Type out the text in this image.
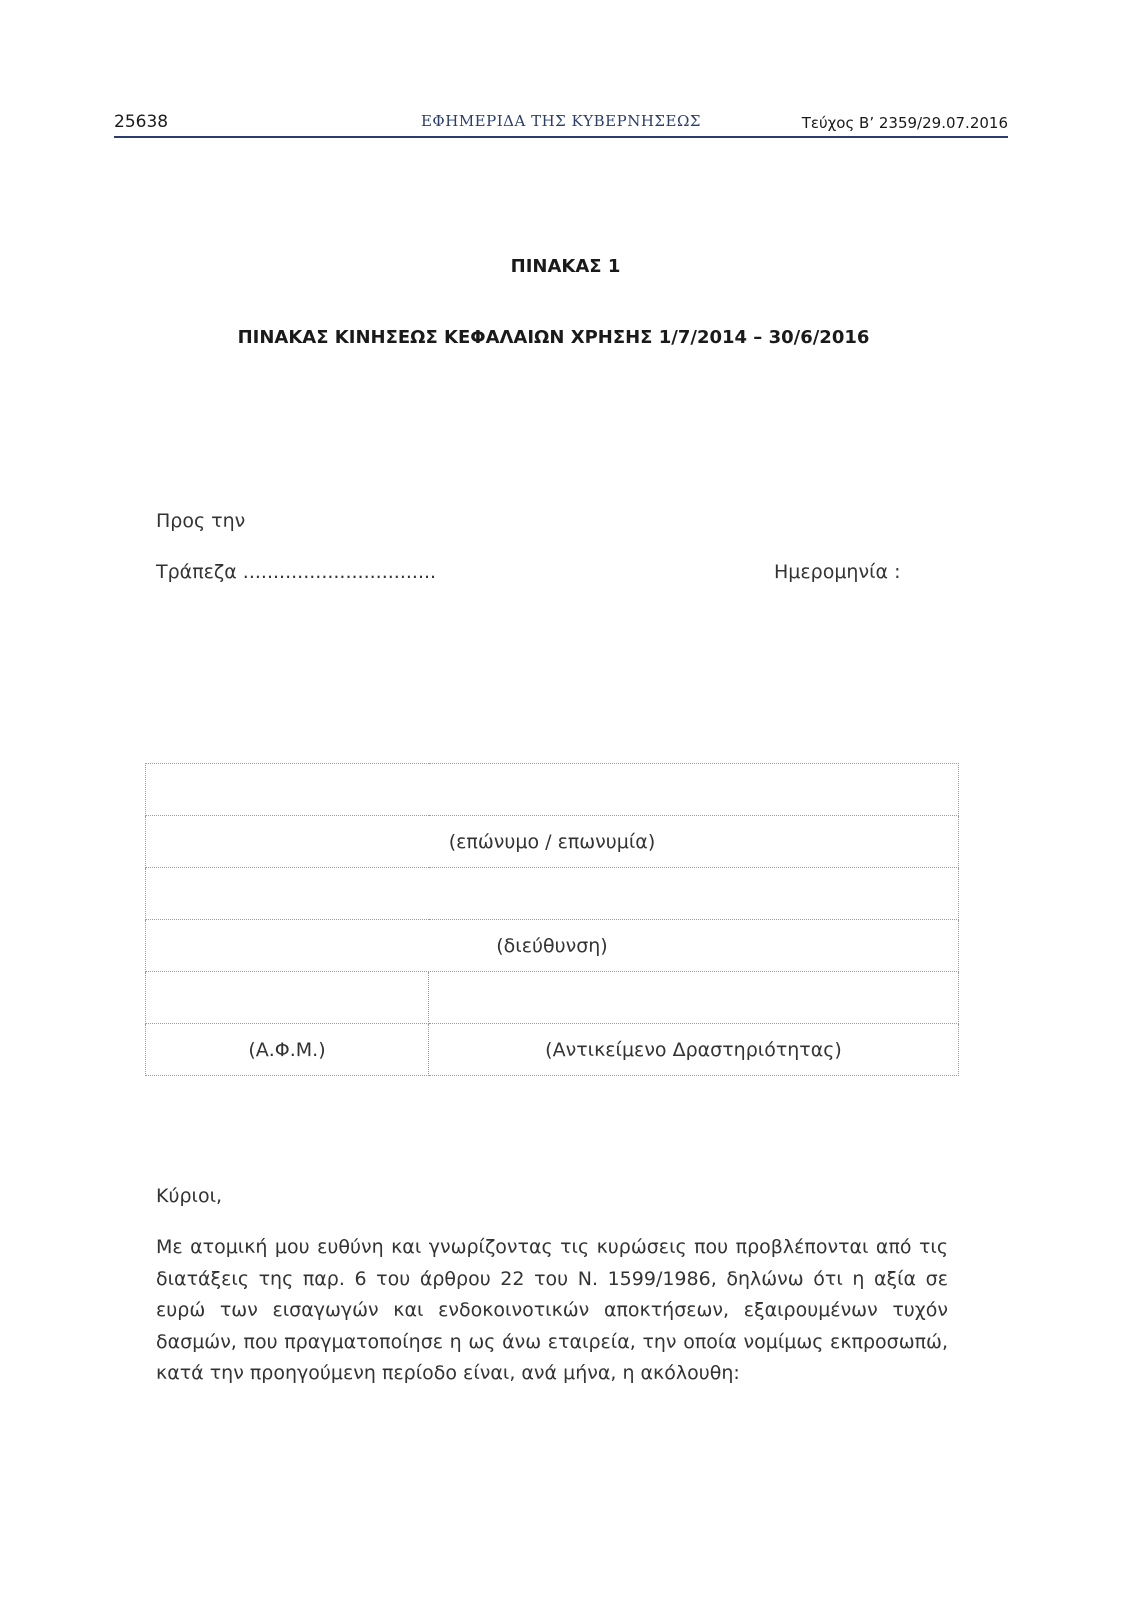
25638	ΕΦΗΜΕΡΙΔΑ ΤΗΣ ΚΥΒΕΡΝΗΣΕΩΣ	Τεύχος Β’ 2359/29.07.2016
ΠΙΝΑΚΑΣ 1
ΠΙΝΑΚΑΣ ΚΙΝΗΣΕΩΣ ΚΕΦΑΛΑΙΩΝ ΧΡΗΣΗΣ 1/7/2014 – 30/6/2016
Προς την
Τράπεζα ................................	Ημερομηνία :

(επώνυμο / επωνυμία)	

(διεύθυνση)	

(Α.Φ.Μ.)	(Αντικείμενο Δραστηριότητας)
Κύριοι,
Με ατομική μου ευθύνη και γνωρίζοντας τις κυρώσεις που προβλέπονται από τις διατάξεις της παρ. 6 του άρθρου 22 του Ν. 1599/1986, δηλώνω ότι η αξία σε ευρώ των εισαγωγών και ενδοκοινοτικών αποκτήσεων, εξαιρουμένων τυχόν δασμών, που πραγματοποίησε η ως άνω εταιρεία, την οποία νομίμως εκπροσωπώ, κατά την προηγούμενη περίοδο είναι, ανά μήνα, η ακόλουθη:
